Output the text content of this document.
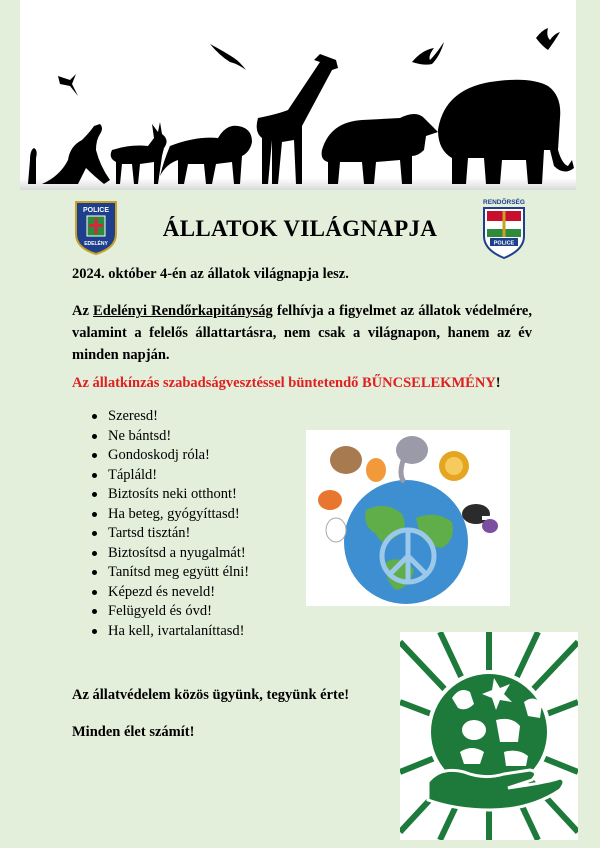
POLICE
EDELÉNY
RENDŐRSÉG
POLICE
ÁLLATOK VILÁGNAPJA
2024. október 4-én az állatok világnapja lesz.
Az Edelényi Rendőrkapitányság felhívja a figyelmet az állatok védelmére, valamint a felelős állattartásra, nem csak a világnapon, hanem az év minden napján.
Az állatkínzás szabadságvesztéssel büntetendő BŰNCSELEKMÉNY!
Szeresd!
Ne bántsd!
Gondoskodj róla!
Tápláld!
Biztosíts neki otthont!
Ha beteg, gyógyíttasd!
Tartsd tisztán!
Biztosítsd a nyugalmát!
Tanítsd meg együtt élni!
Képezd és neveld!
Felügyeld és óvd!
Ha kell, ivartalaníttasd!
Az állatvédelem közös ügyünk, tegyünk érte!
Minden élet számít!
